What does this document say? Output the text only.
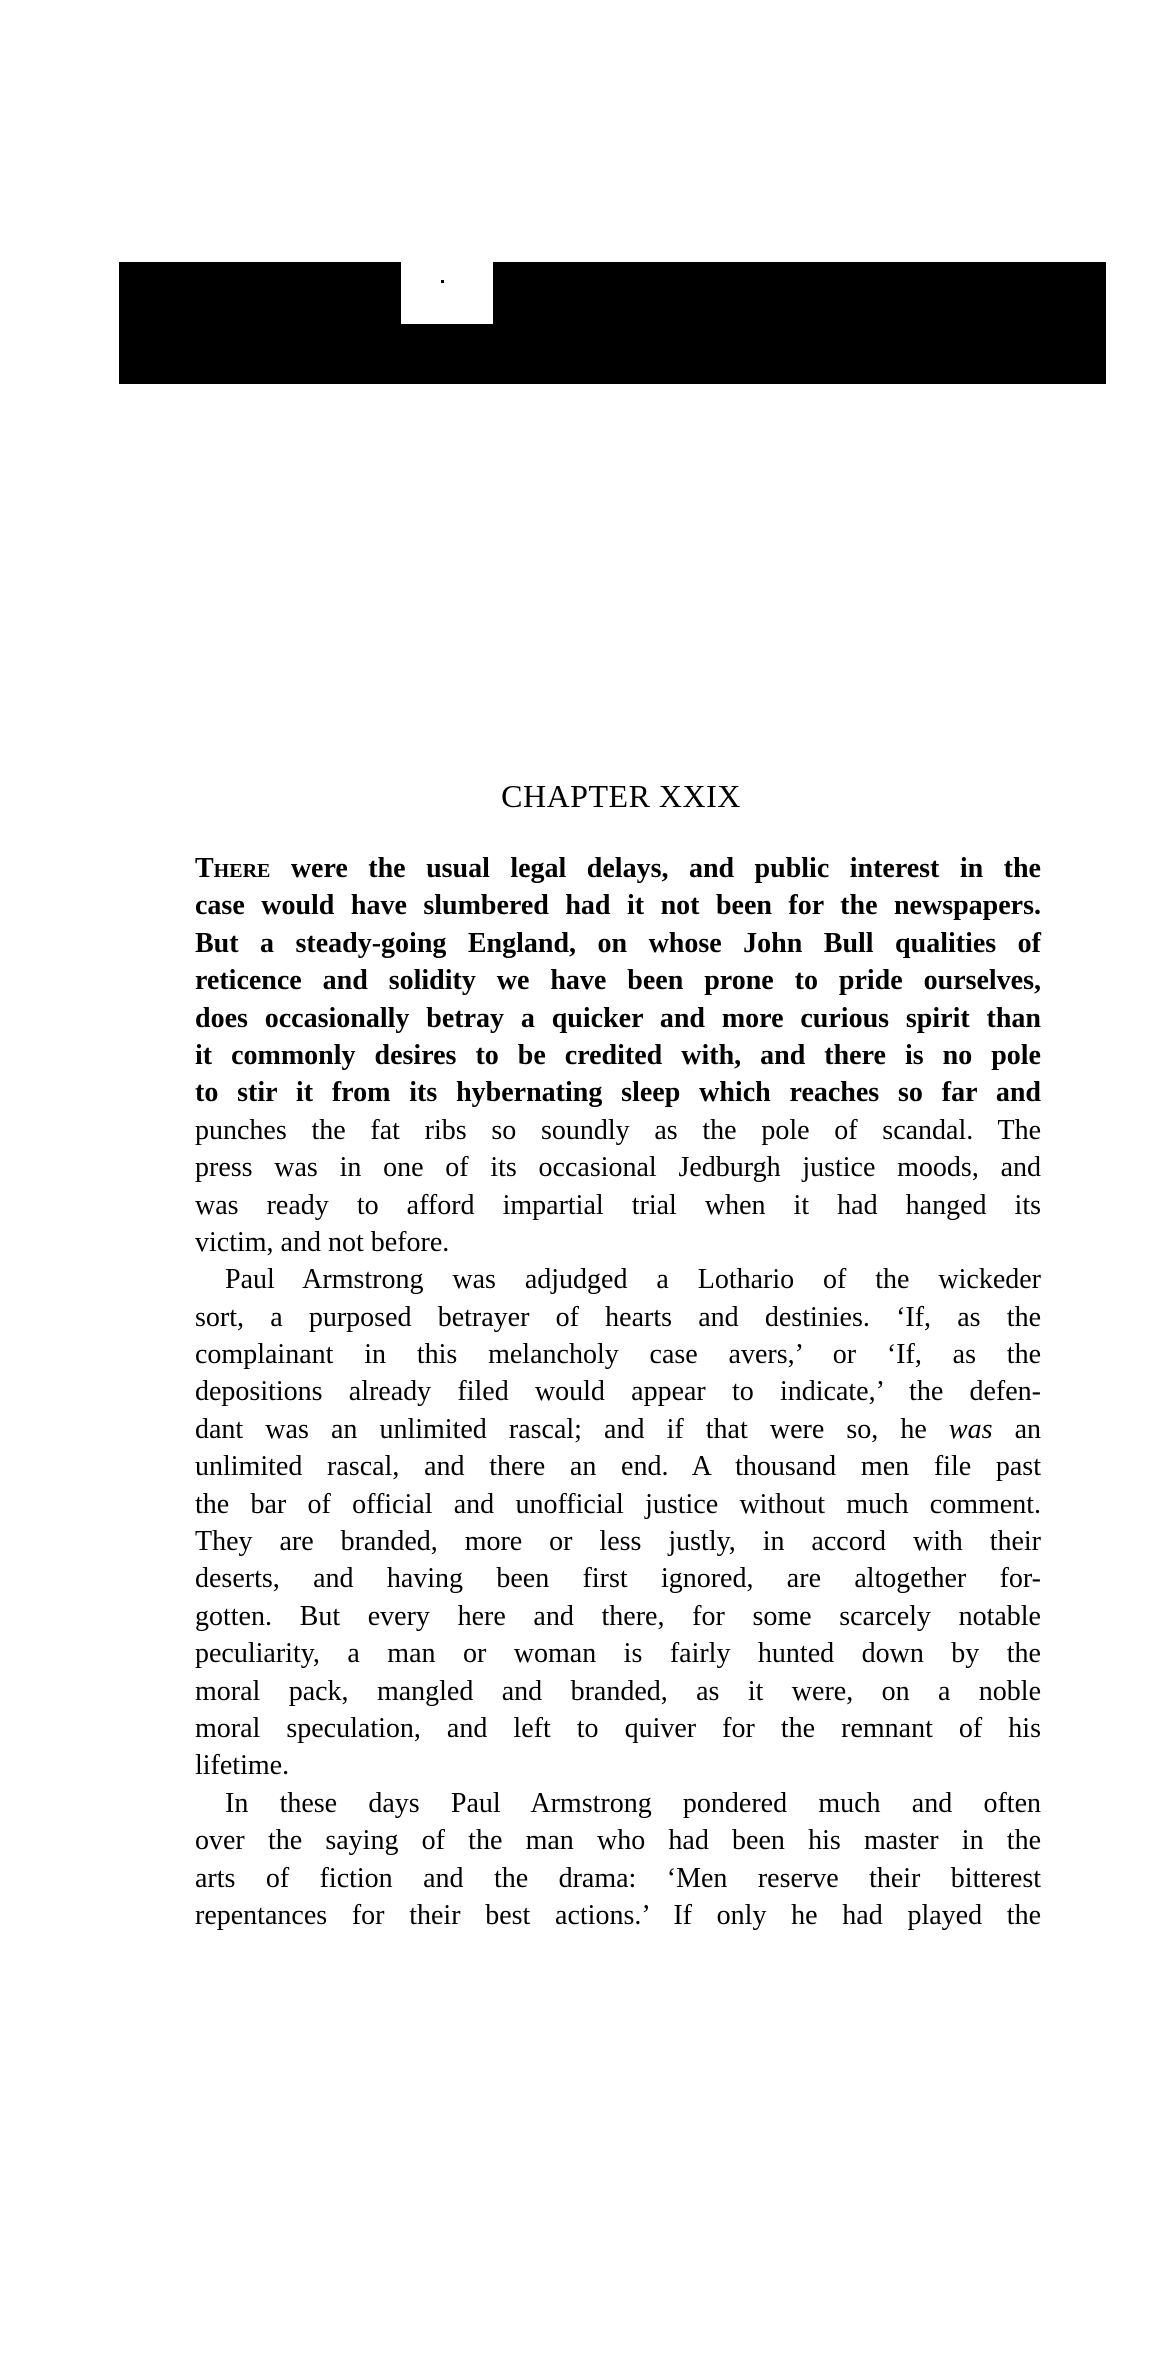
CHAPTER XXIX
There were the usual legal delays, and public interest in the
case would have slumbered had it not been for the newspapers.
But a steady-going England, on whose John Bull qualities of
reticence and solidity we have been prone to pride ourselves,
does occasionally betray a quicker and more curious spirit than
it commonly desires to be credited with, and there is no pole
to stir it from its hybernating sleep which reaches so far and
punches the fat ribs so soundly as the pole of scandal. The
press was in one of its occasional Jedburgh justice moods, and
was ready to afford impartial trial when it had hanged its
victim, and not before.
Paul Armstrong was adjudged a Lothario of the wickeder
sort, a purposed betrayer of hearts and destinies. ‘If, as the
complainant in this melancholy case avers,’ or ‘If, as the
depositions already filed would appear to indicate,’ the defen-
dant was an unlimited rascal; and if that were so, he was an
unlimited rascal, and there an end. A thousand men file past
the bar of official and unofficial justice without much comment.
They are branded, more or less justly, in accord with their
deserts, and having been first ignored, are altogether for-
gotten. But every here and there, for some scarcely notable
peculiarity, a man or woman is fairly hunted down by the
moral pack, mangled and branded, as it were, on a noble
moral speculation, and left to quiver for the remnant of his
lifetime.
In these days Paul Armstrong pondered much and often
over the saying of the man who had been his master in the
arts of fiction and the drama: ‘Men reserve their bitterest
repentances for their best actions.’ If only he had played the
